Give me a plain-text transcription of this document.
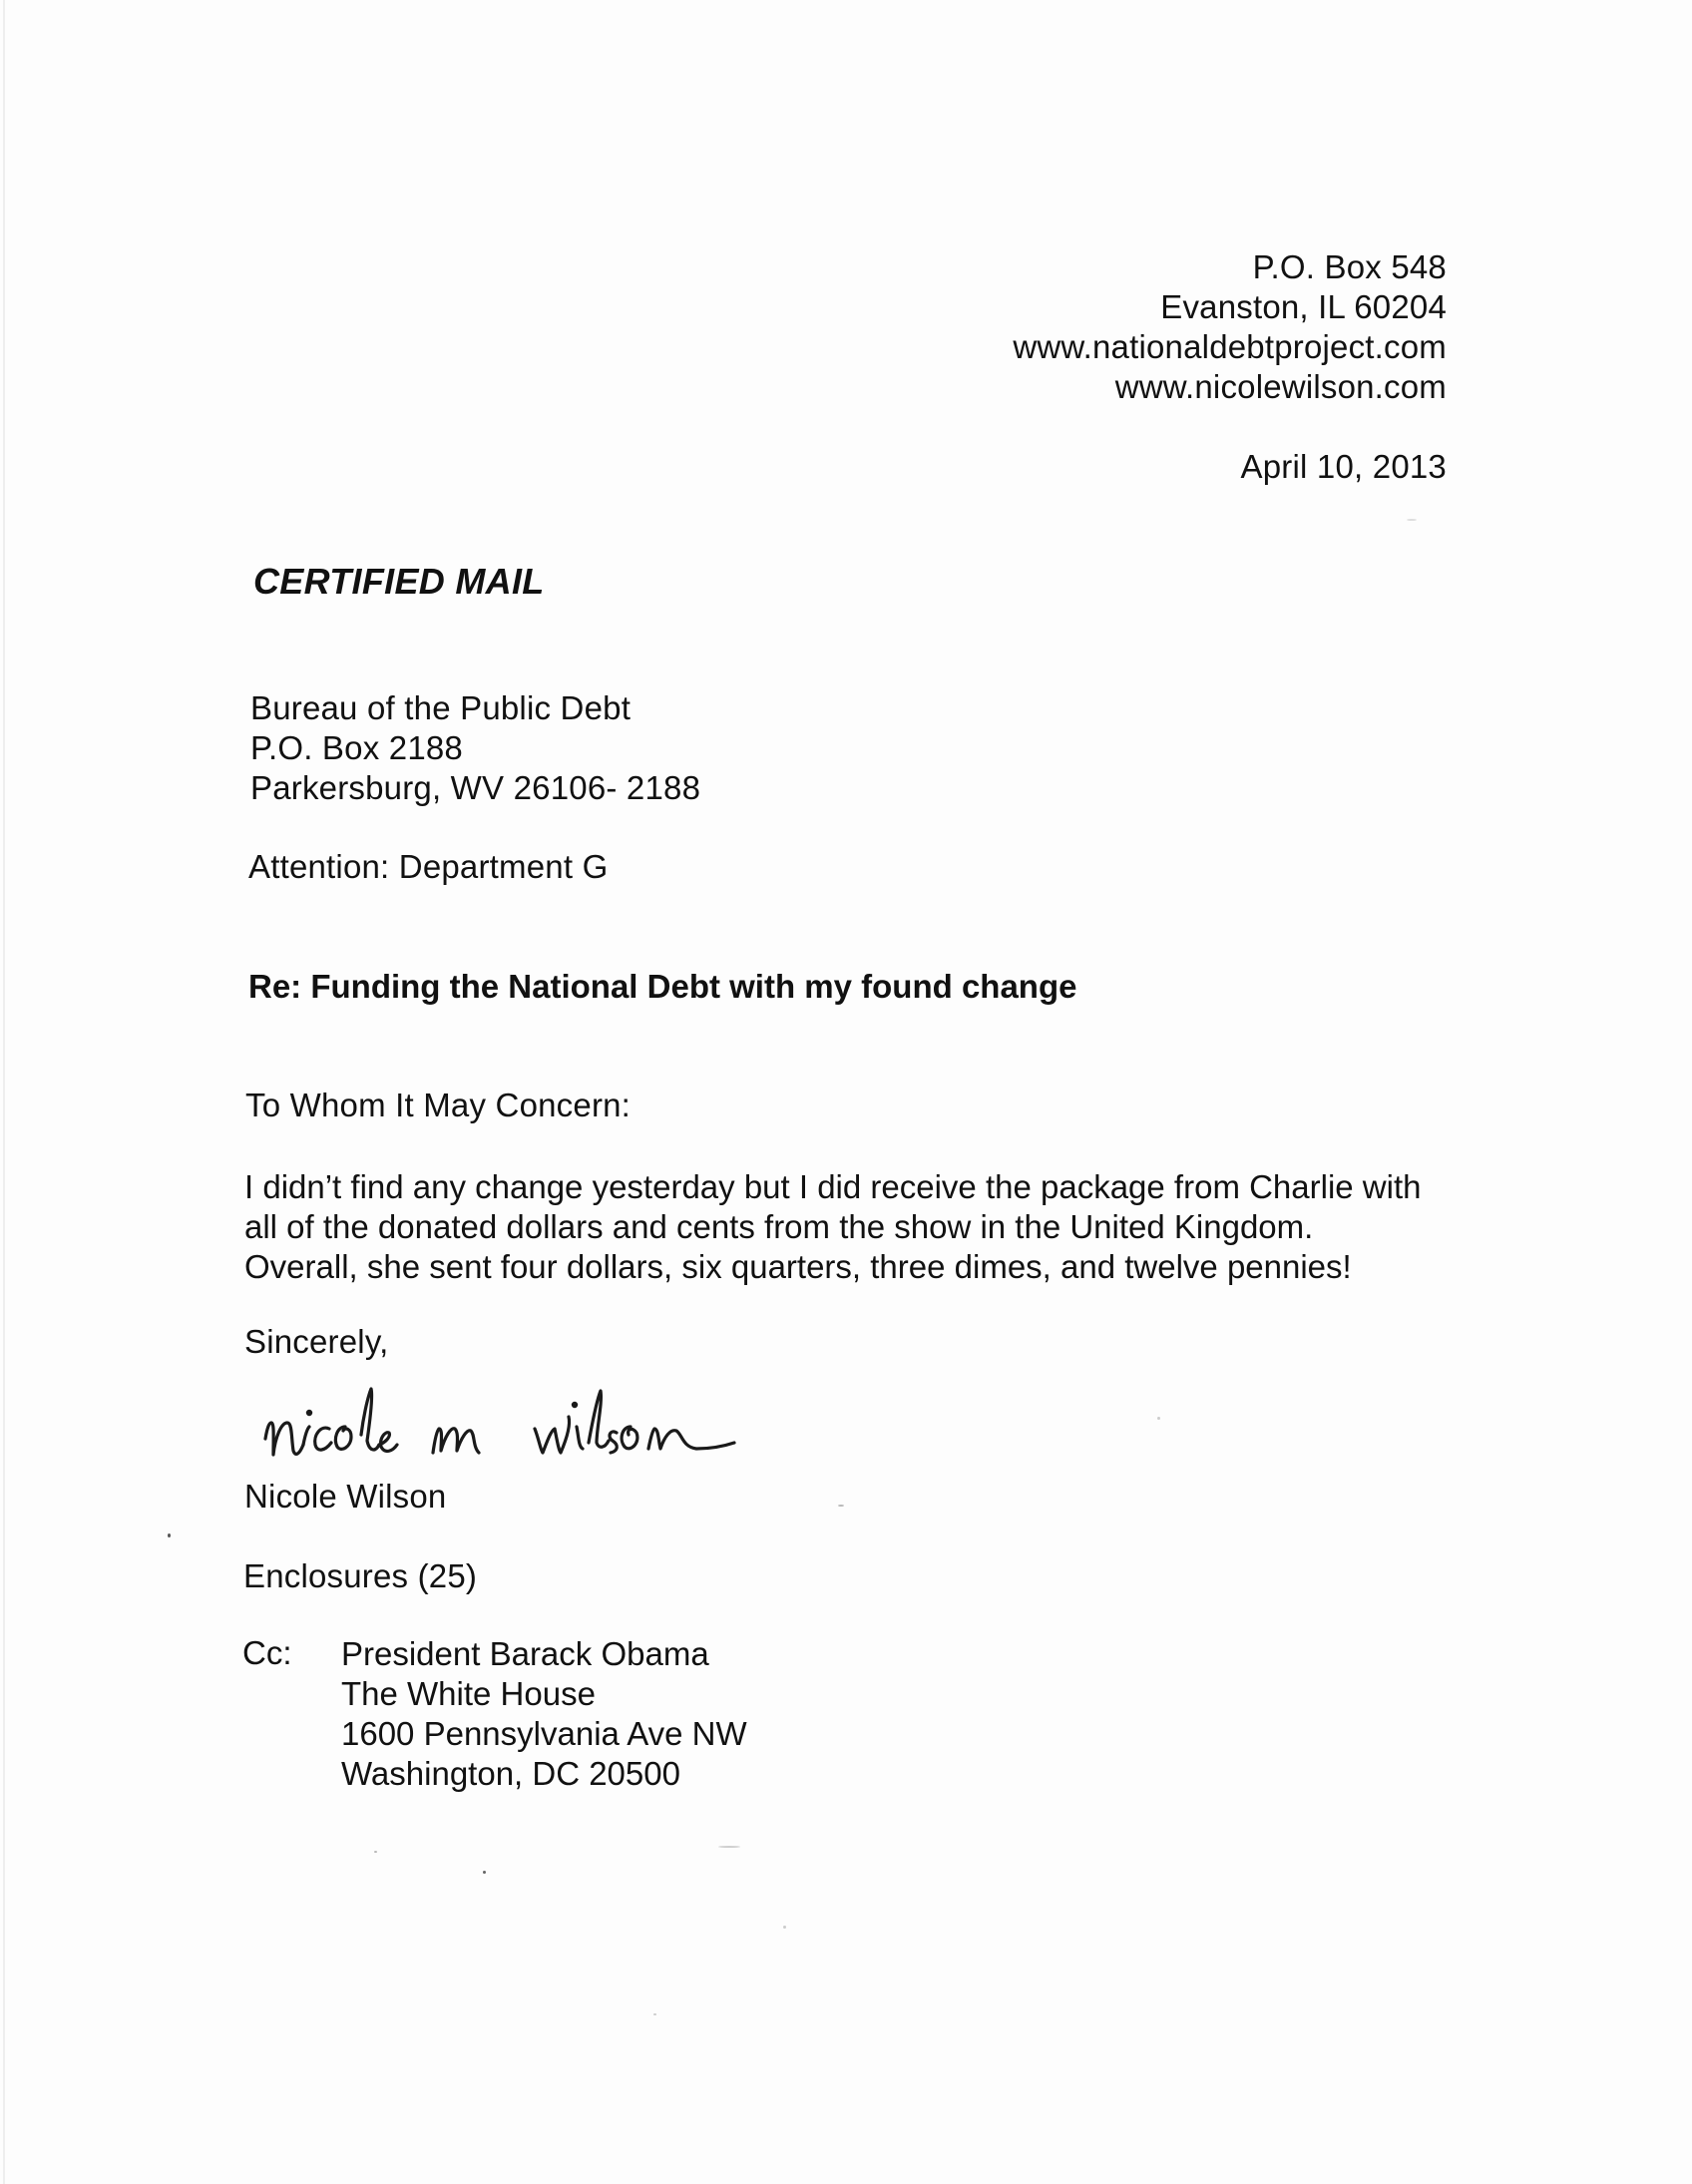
P.O. Box 548
Evanston, IL 60204
www.nationaldebtproject.com
www.nicolewilson.com
April 10, 2013
CERTIFIED MAIL
Bureau of the Public Debt
P.O. Box 2188
Parkersburg, WV 26106- 2188
Attention: Department G
Re: Funding the National Debt with my found change
To Whom It May Concern:
I didn’t find any change yesterday but I did receive the package from Charlie with
all of the donated dollars and cents from the show in the United Kingdom.
Overall, she sent four dollars, six quarters, three dimes, and twelve pennies!
Sincerely,
Nicole Wilson
Enclosures (25)
Cc: President Barack Obama
The White House
1600 Pennsylvania Ave NW
Washington, DC 20500
